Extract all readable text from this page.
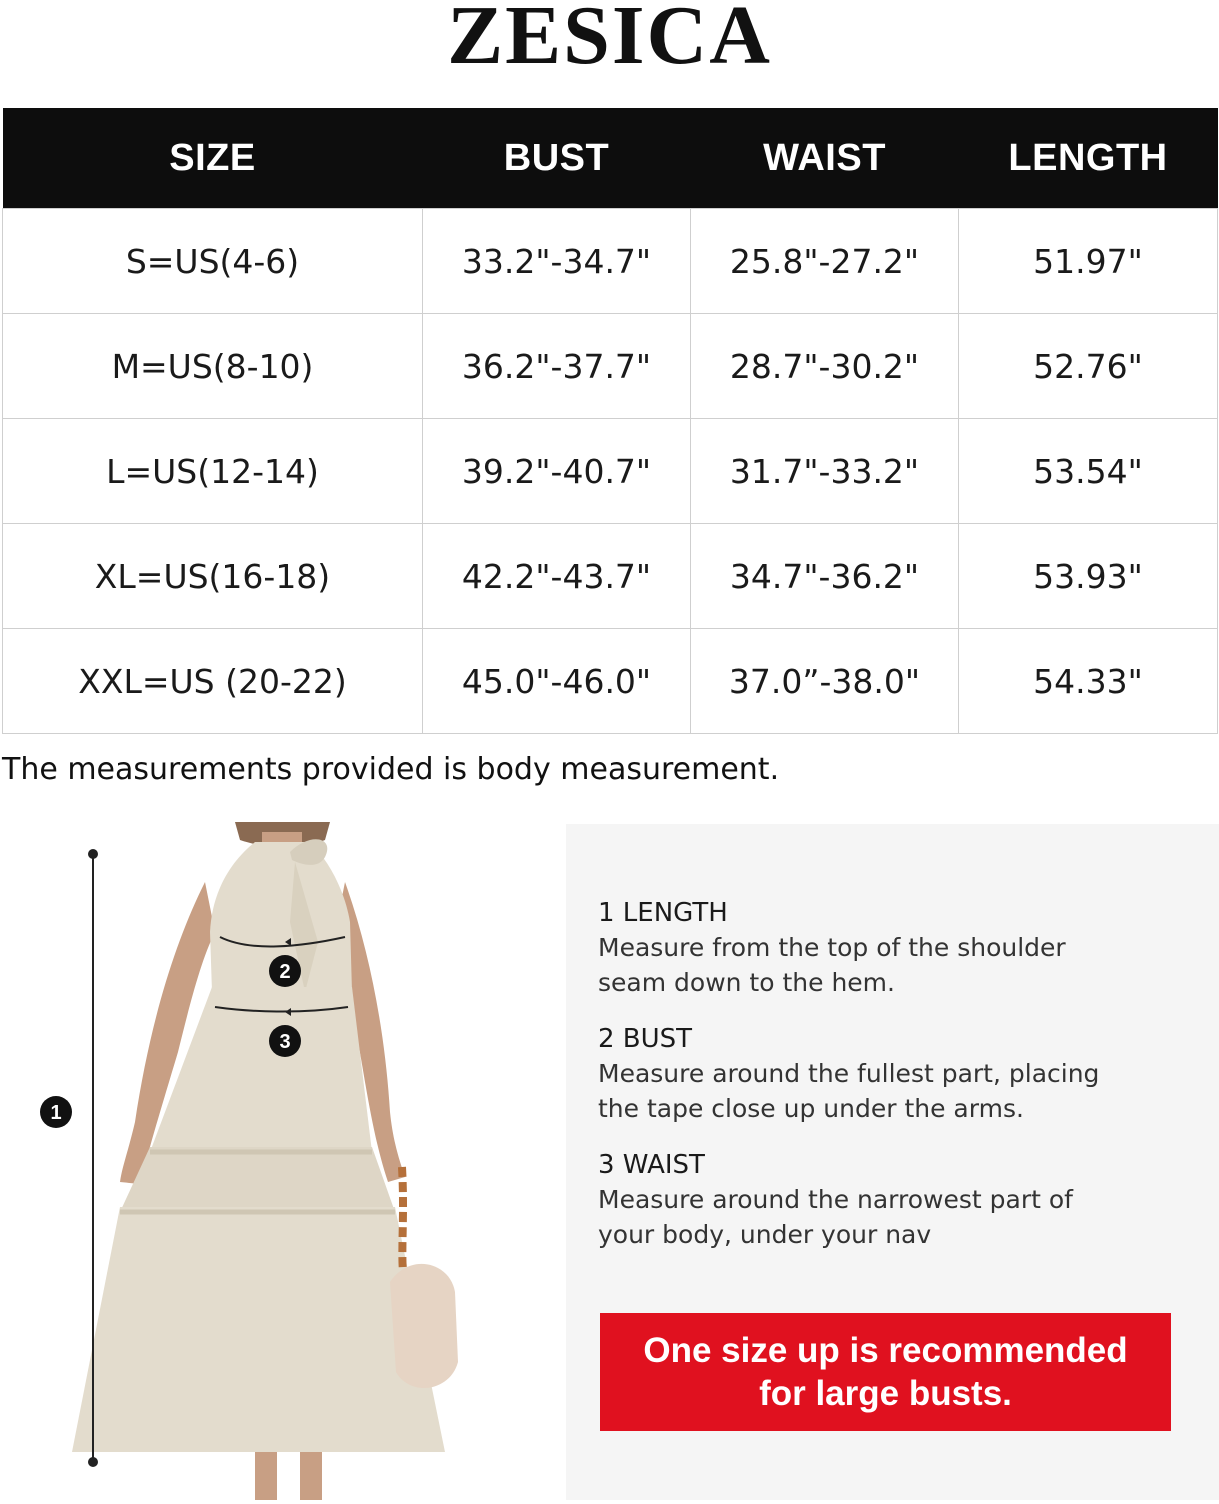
ZESICA
SIZE	BUST	WAIST	LENGTH
S=US(4-6)	33.2"-34.7"	25.8"-27.2"	51.97"
M=US(8-10)	36.2"-37.7"	28.7"-30.2"	52.76"
L=US(12-14)	39.2"-40.7"	31.7"-33.2"	53.54"
XL=US(16-18)	42.2"-43.7"	34.7"-36.2"	53.93"
XXL=US (20-22)	45.0"-46.0"	37.0”-38.0"	54.33"
The measurements provided is body measurement.
1
2
3
1 LENGTH
Measure from the top of the shoulder
seam down to the hem.
2 BUST
Measure around the fullest part, placing
the tape close up under the arms.
3 WAIST
Measure around the narrowest part of
your body, under your nav
One size up is recommended for large busts.
